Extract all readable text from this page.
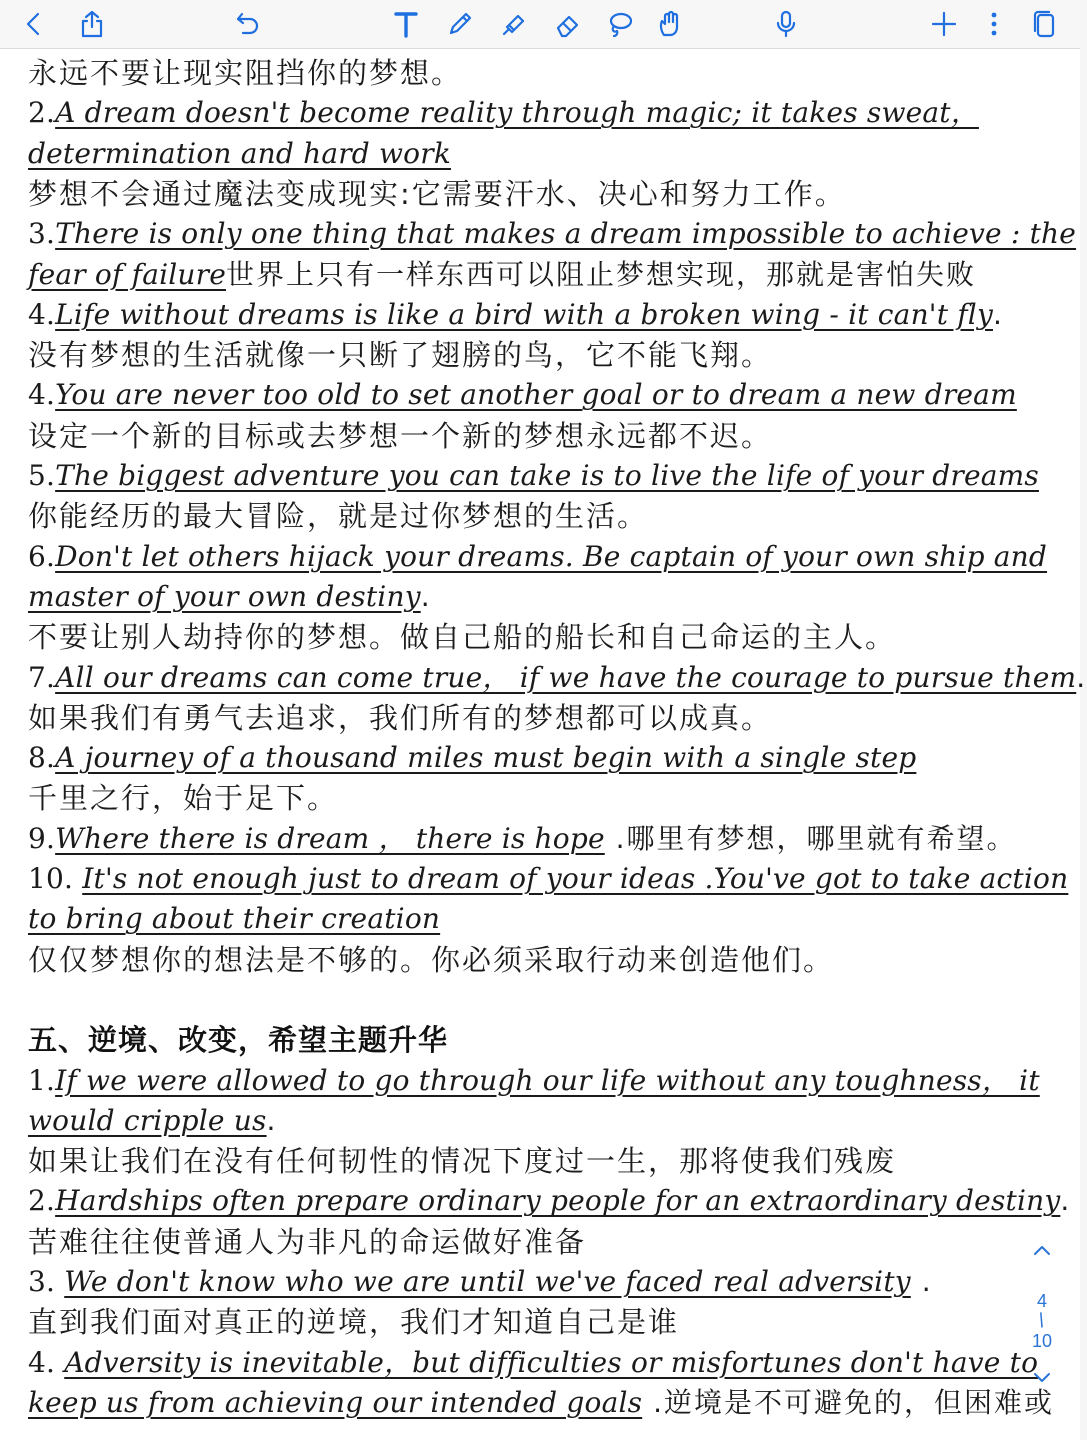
永远不要让现实阻挡你的梦想。
2.A dream doesn't become reality through magic; it takes sweat，
determination and hard work
梦想不会通过魔法变成现实:它需要汗水、决心和努力工作。
3.There is only one thing that makes a dream impossible to achieve : the
fear of failure世界上只有一样东西可以阻止梦想实现，那就是害怕失败
4.Life without dreams is like a bird with a broken wing - it can't fly.
没有梦想的生活就像一只断了翅膀的鸟，它不能飞翔。
4.You are never too old to set another goal or to dream a new dream
设定一个新的目标或去梦想一个新的梦想永远都不迟。
5.The biggest adventure you can take is to live the life of your dreams
你能经历的最大冒险，就是过你梦想的生活。
6.Don't let others hijack your dreams. Be captain of your own ship and
master of your own destiny.
不要让别人劫持你的梦想。做自己船的船长和自己命运的主人。
7.All our dreams can come true， if we have the courage to pursue them.
如果我们有勇气去追求，我们所有的梦想都可以成真。
8.A journey of a thousand miles must begin with a single step
千里之行，始于足下。
9.Where there is dream ， there is hope .哪里有梦想，哪里就有希望。
10. It's not enough just to dream of your ideas .You've got to take action
to bring about their creation
仅仅梦想你的想法是不够的。你必须采取行动来创造他们。
五、逆境、改变，希望主题升华
1.If we were allowed to go through our life without any toughness， it
would cripple us.
如果让我们在没有任何韧性的情况下度过一生，那将使我们残废
2.Hardships often prepare ordinary people for an extraordinary destiny.
苦难往往使普通人为非凡的命运做好准备
3. We don't know who we are until we've faced real adversity .
直到我们面对真正的逆境，我们才知道自己是谁
4. Adversity is inevitable，but difficulties or misfortunes don't have to
keep us from achieving our intended goals .逆境是不可避免的，但困难或
4
/
10
